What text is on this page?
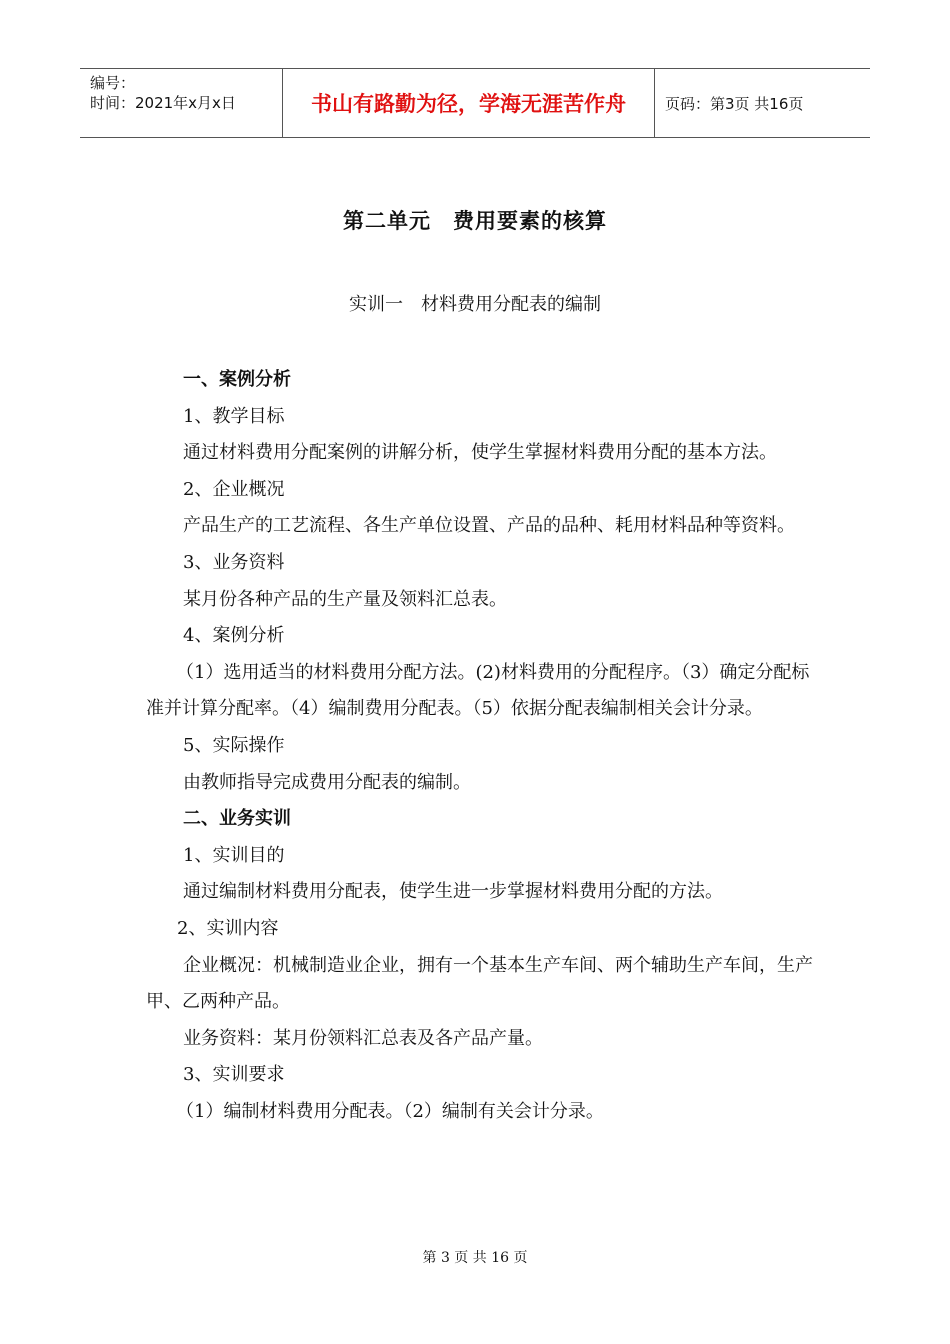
编号：
时间：2021年x月x日	书山有路勤为径，学海无涯苦作舟	页码：第3页 共16页
第二单元　费用要素的核算
实训一　材料费用分配表的编制

一、案例分析

1、教学目标

通过材料费用分配案例的讲解分析，使学生掌握材料费用分配的基本方法。

2、企业概况

产品生产的工艺流程、各生产单位设置、产品的品种、耗用材料品种等资料。

3、业务资料

某月份各种产品的生产量及领料汇总表。

4、案例分析

（1）选用适当的材料费用分配方法。(2)材料费用的分配程序。（3）确定分配标准并计算分配率。（4）编制费用分配表。（5）依据分配表编制相关会计分录。

5、实际操作

由教师指导完成费用分配表的编制。

二、业务实训

1、实训目的

通过编制材料费用分配表，使学生进一步掌握材料费用分配的方法。

2、实训内容

企业概况：机械制造业企业，拥有一个基本生产车间、两个辅助生产车间，生产甲、乙两种产品。

业务资料：某月份领料汇总表及各产品产量。

3、实训要求

（1）编制材料费用分配表。（2）编制有关会计分录。

第 3 页 共 16 页
